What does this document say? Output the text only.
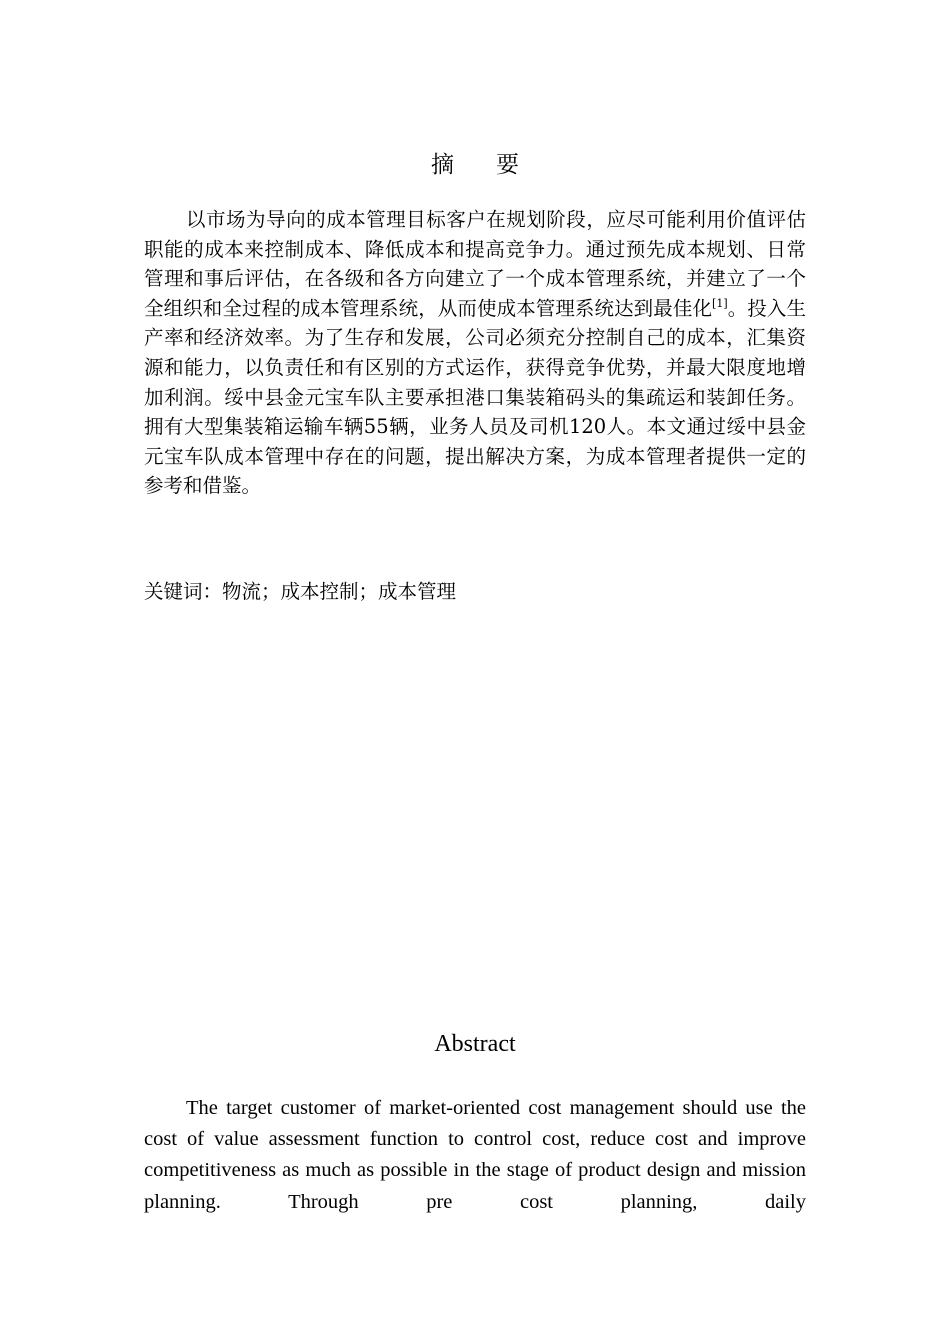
摘要

以市场为导向的成本管理目标客户在规划阶段，应尽可能利用价值评估职能的成本来控制成本、降低成本和提高竞争力。通过预先成本规划、日常管理和事后评估，在各级和各方向建立了一个成本管理系统，并建立了一个全组织和全过程的成本管理系统，从而使成本管理系统达到最佳化[1]。投入生产率和经济效率。为了生存和发展，公司必须充分控制自己的成本，汇集资源和能力，以负责任和有区别的方式运作，获得竞争优势，并最大限度地增加利润。绥中县金元宝车队主要承担港口集装箱码头的集疏运和装卸任务。拥有大型集装箱运输车辆55辆，业务人员及司机120人。本文通过绥中县金元宝车队成本管理中存在的问题，提出解决方案，为成本管理者提供一定的参考和借鉴。

关键词：物流；成本控制；成本管理

Abstract

The target customer of market-oriented cost management should use the cost of value assessment function to control cost, reduce cost and improve competitiveness as much as possible in the stage of product design and mission planning. Through pre cost planning, daily
